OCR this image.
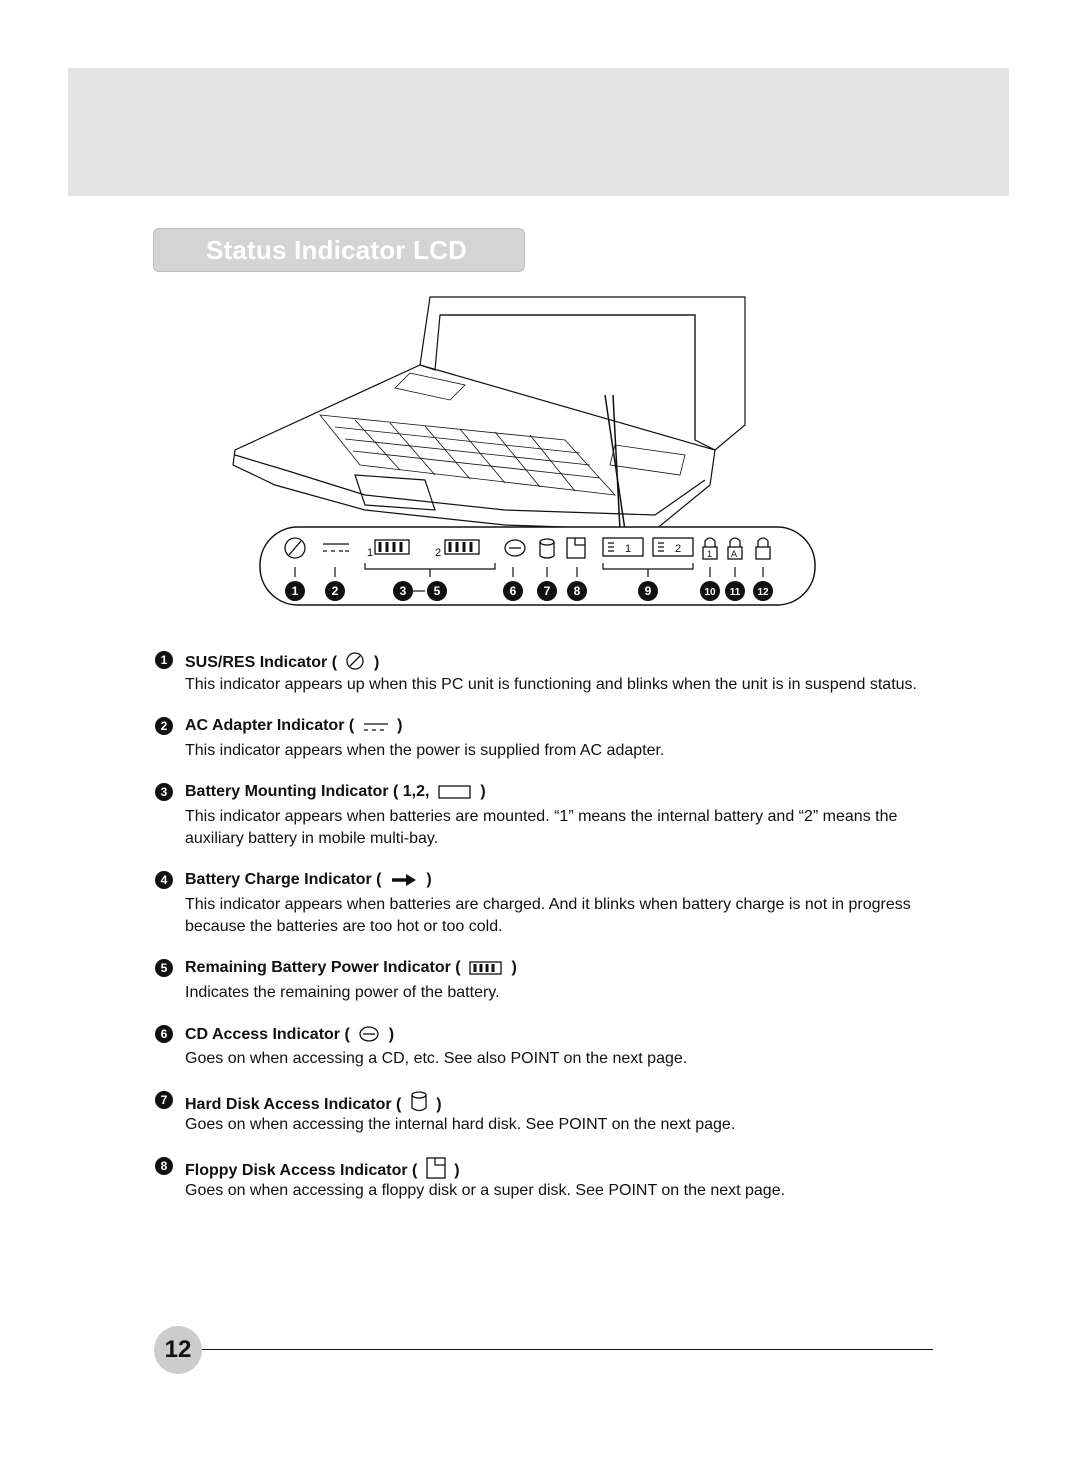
Status Indicator LCD
1	2	1	2	1 A
1	2	3 5	6 7 8	9	10 11 12
1	SUS/RES Indicator ( )
This indicator appears up when this PC unit is functioning and blinks when the unit is in suspend status.
2	AC Adapter Indicator (	)
This indicator appears when the power is supplied from AC adapter.
3	Battery Mounting Indicator ( 1,2,	)
This indicator appears when batteries are mounted. “1” means the internal battery and “2” means the auxiliary battery in mobile multi-bay.
4	Battery Charge Indicator (	)
This indicator appears when batteries are charged. And it blinks when battery charge is not in progress because the batteries are too hot or too cold.
5	Remaining Battery Power Indicator (	)
Indicates the remaining power of the battery.
6	CD Access Indicator ( )
Goes on when accessing a CD, etc. See also POINT on the next page.
7	Hard Disk Access Indicator ( )
Goes on when accessing the internal hard disk. See POINT on the next page.
8	Floppy Disk Access Indicator ( )
Goes on when accessing a floppy disk or a super disk. See POINT on the next page.
12
